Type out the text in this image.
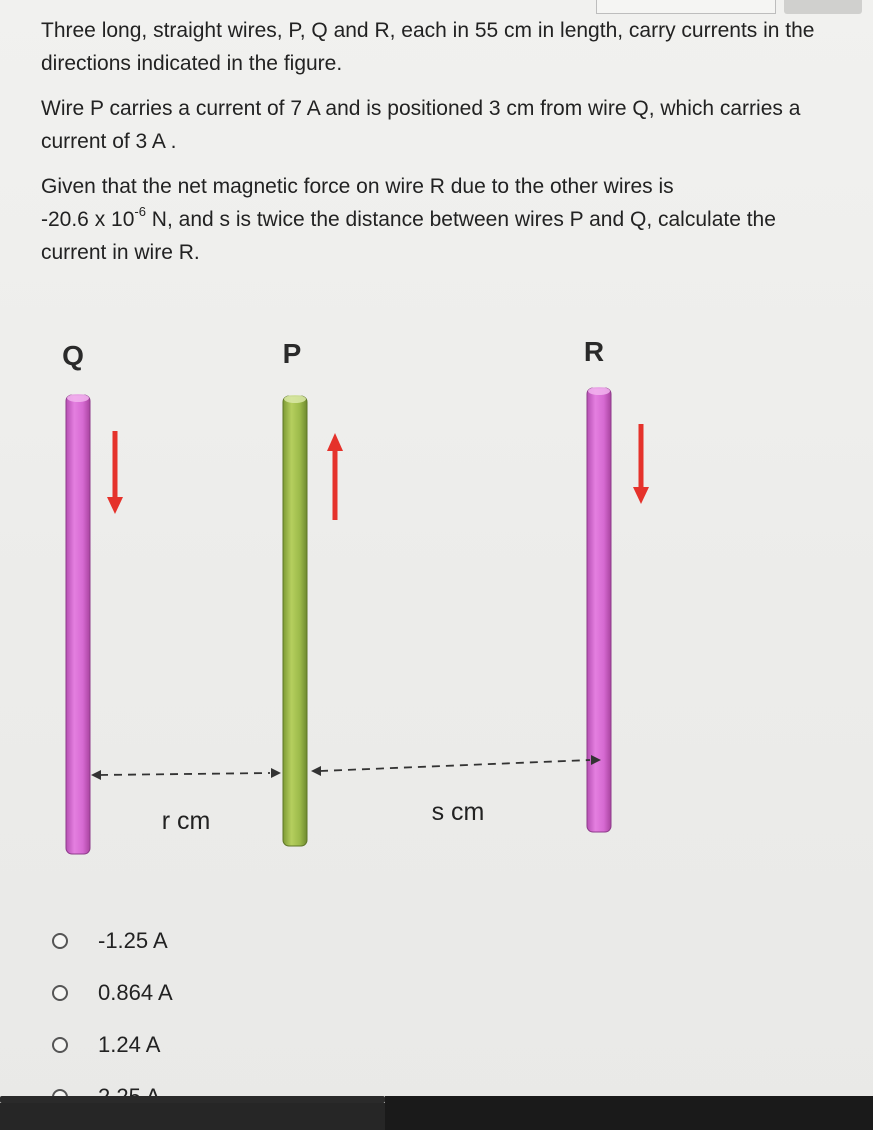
Three long, straight wires, P, Q and R, each in 55 cm in length, carry currents in the directions indicated in the figure.

Wire P carries a current of 7 A and is positioned 3 cm from wire Q, which carries a current of 3 A .

Given that the net magnetic force on wire R due to the other wires is
-20.6 x $10^{-6}$ N, and s is twice the distance between wires P and Q, calculate the current in wire R.

Q	P	R
r cm	s cm
-1.25 A
0.864 A
1.24 A
